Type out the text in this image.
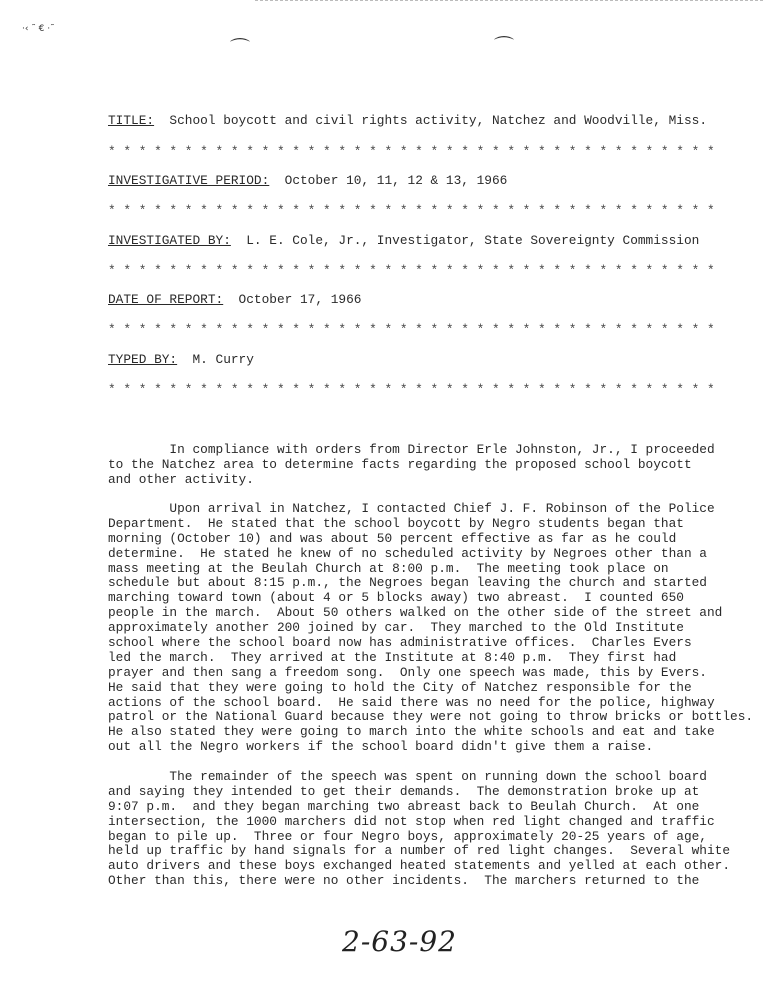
·‹ ˜ € ·˜
⌒	⌒
TITLE:  School boycott and civil rights activity, Natchez and Woodville, Miss.
INVESTIGATIVE PERIOD:  October 10, 11, 12 & 13, 1966
INVESTIGATED BY:  L. E. Cole, Jr., Investigator, State Sovereignty Commission
DATE OF REPORT:  October 17, 1966
TYPED BY:  M. Curry
* * * * * * * * * * * * * * * * * * * * * * * * * * * * * * * * * * * * * * * *
* * * * * * * * * * * * * * * * * * * * * * * * * * * * * * * * * * * * * * * *
* * * * * * * * * * * * * * * * * * * * * * * * * * * * * * * * * * * * * * * *
* * * * * * * * * * * * * * * * * * * * * * * * * * * * * * * * * * * * * * * *
* * * * * * * * * * * * * * * * * * * * * * * * * * * * * * * * * * * * * * * *
In compliance with orders from Director Erle Johnston, Jr., I proceeded
to the Natchez area to determine facts regarding the proposed school boycott
and other activity.
Upon arrival in Natchez, I contacted Chief J. F. Robinson of the Police
Department.  He stated that the school boycott by Negro students began that
morning (October 10) and was about 50 percent effective as far as he could
determine.  He stated he knew of no scheduled activity by Negroes other than a
mass meeting at the Beulah Church at 8:00 p.m.  The meeting took place on
schedule but about 8:15 p.m., the Negroes began leaving the church and started
marching toward town (about 4 or 5 blocks away) two abreast.  I counted 650
people in the march.  About 50 others walked on the other side of the street and
approximately another 200 joined by car.  They marched to the Old Institute
school where the school board now has administrative offices.  Charles Evers
led the march.  They arrived at the Institute at 8:40 p.m.  They first had
prayer and then sang a freedom song.  Only one speech was made, this by Evers.
He said that they were going to hold the City of Natchez responsible for the
actions of the school board.  He said there was no need for the police, highway
patrol or the National Guard because they were not going to throw bricks or bottles.
He also stated they were going to march into the white schools and eat and take
out all the Negro workers if the school board didn't give them a raise.
The remainder of the speech was spent on running down the school board
and saying they intended to get their demands.  The demonstration broke up at
9:07 p.m.  and they began marching two abreast back to Beulah Church.  At one
intersection, the 1000 marchers did not stop when red light changed and traffic
began to pile up.  Three or four Negro boys, approximately 20-25 years of age,
held up traffic by hand signals for a number of red light changes.  Several white
auto drivers and these boys exchanged heated statements and yelled at each other.
Other than this, there were no other incidents.  The marchers returned to the
2-63-92
